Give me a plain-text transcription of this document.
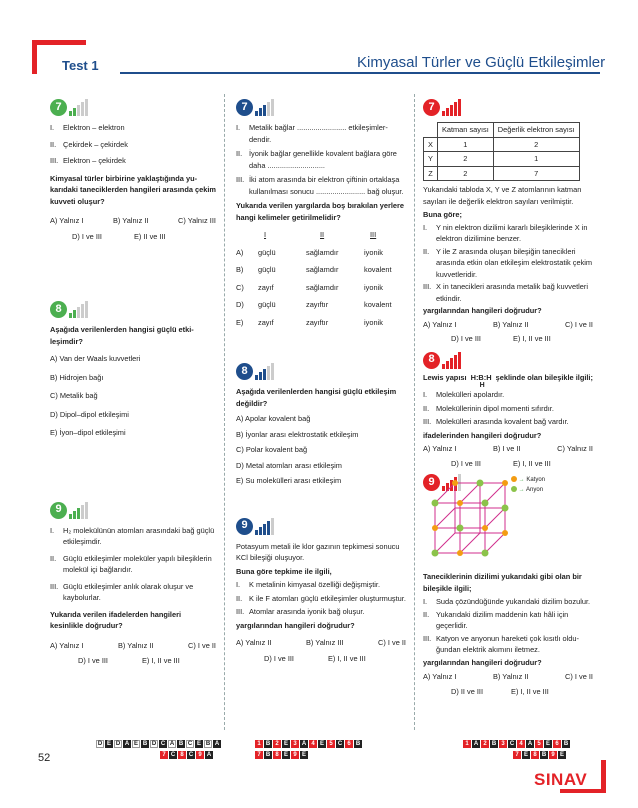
Test 1	Kimyasal Türler ve Güçlü Etkileşimler
7
I.	Elektron – elektron
II. Çekirdek – çekirdek
III. Elektron – çekirdek

Kimyasal türler birbirine yaklaştığında yukarıdaki taneciklerden hangileri arasında çekim kuvveti oluşur?

A) Yalnız I	B) Yalnız II	C) Yalnız III
D) I ve III	E) II ve III
8

Aşağıda verilenlerden hangisi güçlü etkileşimdir?

A) Van der Waals kuvvetleri

B) Hidrojen bağı

C) Metalik bağ

D) Dipol–dipol etkileşimi

E) İyon–dipol etkileşimi

9
I.	H₂ molekülünün atomları arasındaki bağ güçlü etkileşimdir.
II. Güçlü etkileşimler moleküler yapılı bileşiklerin molekül içi bağlarıdır.
III. Güçlü etkileşimler anlık olarak oluşur ve kaybolurlar.

Yukarıda verilen ifadelerden hangileri kesinlikle doğrudur?

A) Yalnız I	B) Yalnız II	C) I ve II
D) I ve III	E) I, II ve III
7
I.	Metalik bağlar ........................ etkileşimlerdendir.
II. İyonik bağlar genellikle kovalent bağlara göre daha ............................
III. İki atom arasında bir elektron çiftinin ortaklaşa kullanılması sonucu ........................ bağ oluşur.

Yukarıda verilen yargılarda boş bırakılan yerlere hangi kelimeler getirilmelidir?

I	II	III
A)	güçlü	sağlamdır	iyonik
B)	güçlü	sağlamdır	kovalent
C)	zayıf	sağlamdır	iyonik
D)	güçlü	zayıftır	kovalent
E)	zayıf	zayıftır	iyonik
8

Aşağıda verilenlerden hangisi güçlü etkileşim değildir?

A) Apolar kovalent bağ

B) İyonlar arası elektrostatik etkileşim

C) Polar kovalent bağ

D) Metal atomları arası etkileşim

E) Su molekülleri arası etkileşim

9

Potasyum metali ile klor gazının tepkimesi sonucu KCl bileşiği oluşuyor.

Buna göre tepkime ile ilgili,

I.	K metalinin kimyasal özelliği değişmiştir.
II. K ile F atomları güçlü etkileşimler oluşturmuştur.
III. Atomlar arasında iyonik bağ oluşur.

yargılarından hangileri doğrudur?

A) Yalnız II	B) Yalnız III	C) I ve II
D) I ve III	E) I, II ve III
7
	Katman sayısı	Değerlik elektron sayısı
X	1	2
Y	2	1
Z	2	7

Yukarıdaki tabloda X, Y ve Z atomlarının katman sayıları ile değerlik elektron sayıları verilmiştir.

Buna göre;

I.	Y nin elektron dizilimi kararlı bileşiklerinde X in elektron dizilimine benzer.
II. Y ile Z arasında oluşan bileşiğin tanecikleri arasında etkin olan etkileşim elektrostatik çekim kuvvetleridir.
III. X in tanecikleri arasında metalik bağ kuvvetleri etkindir.

yargılarından hangileri doğrudur?

A) Yalnız I	B) Yalnız II	C) I ve II
D) I ve III	E) I, II ve III
8
Lewis yapısı H:B:H
H
şeklinde olan bileşikle ilgili;
I.	Molekülleri apolardır.
II. Moleküllerinin dipol momenti sıfırdır.
III. Molekülleri arasında kovalent bağ vardır.

ifadelerinden hangileri doğrudur?

A) Yalnız I	B) I ve II	C) Yalnız II
D) I ve III	E) I, II ve III
9	→ Katyon
→ Anyon

Taneciklerinin dizilimi yukarıdaki gibi olan bir bileşikle ilgili;

I.	Suda çözündüğünde yukarıdaki dizilim bozulur.
II. Yukarıdaki dizilim maddenin katı hâli için geçerlidir.
III. Katyon ve anyonun hareketi çok kısıtlı olduğundan elektrik akımını iletmez.

yargılarından hangileri doğrudur?

A) Yalnız I	B) Yalnız II	C) I ve II
D) II ve III	E) I, II ve III
D E D A E B D C A B C E B A
7 C 8 C 9 A
1 B 2 E 3 A 4 E 5 C 6 B
7 B 8 E 9 E
1 A 2 B 3 C 4 A 5 E 6 B
7 E 8 B 9 E
52
SINAV
